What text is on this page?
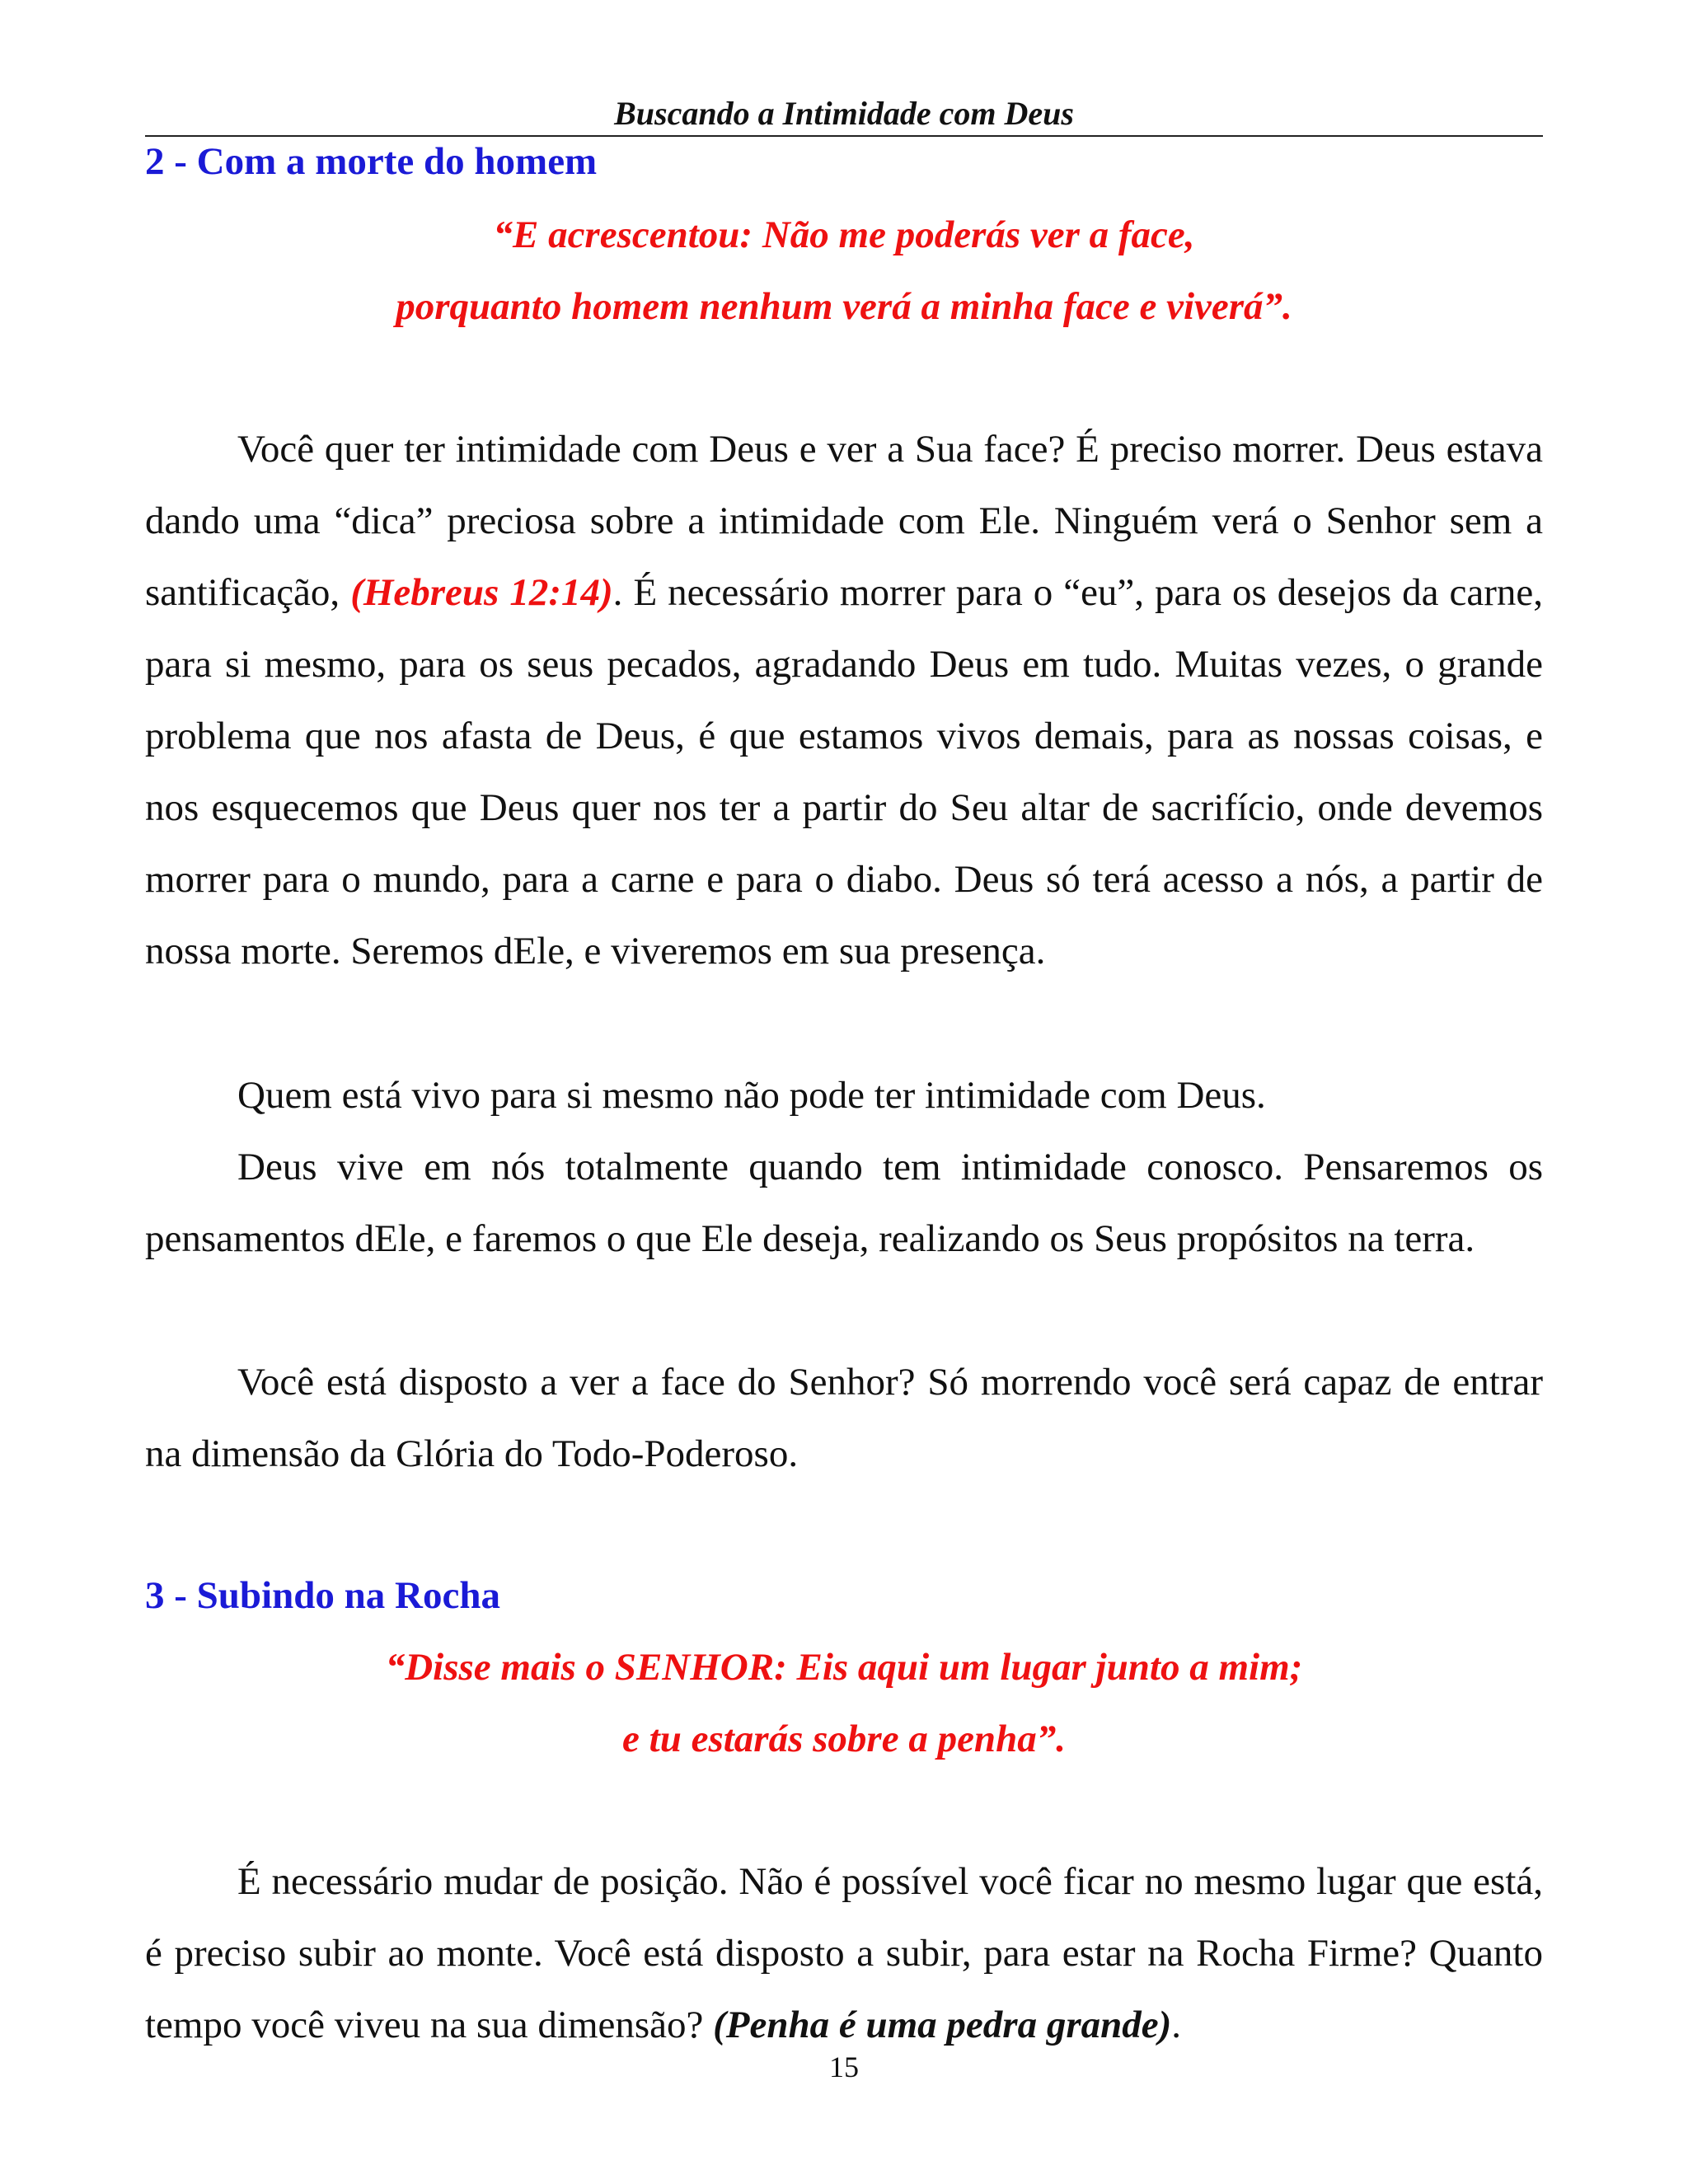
Buscando a Intimidade com Deus
2 - Com a morte do homem
“E acrescentou: Não me poderás ver a face,
porquanto homem nenhum verá a minha face e viverá”.

Você quer ter intimidade com Deus e ver a Sua face? É preciso morrer. Deus estava dando uma “dica” preciosa sobre a intimidade com Ele. Ninguém verá o Senhor sem a santificação, (Hebreus 12:14). É necessário morrer para o “eu”, para os desejos da carne, para si mesmo, para os seus pecados, agradando Deus em tudo. Muitas vezes, o grande problema que nos afasta de Deus, é que estamos vivos demais, para as nossas coisas, e nos esquecemos que Deus quer nos ter a partir do Seu altar de sacrifício, onde devemos morrer para o mundo, para a carne e para o diabo. Deus só terá acesso a nós, a partir de nossa morte. Seremos dEle, e viveremos em sua presença.

Quem está vivo para si mesmo não pode ter intimidade com Deus.

Deus vive em nós totalmente quando tem intimidade conosco. Pensaremos os pensamentos dEle, e faremos o que Ele deseja, realizando os Seus propósitos na terra.

Você está disposto a ver a face do Senhor? Só morrendo você será capaz de entrar na dimensão da Glória do Todo-Poderoso.

3 - Subindo na Rocha
“Disse mais o SENHOR: Eis aqui um lugar junto a mim;
e tu estarás sobre a penha”.

É necessário mudar de posição. Não é possível você ficar no mesmo lugar que está, é preciso subir ao monte. Você está disposto a subir, para estar na Rocha Firme? Quanto tempo você viveu na sua dimensão? (Penha é uma pedra grande).

15
